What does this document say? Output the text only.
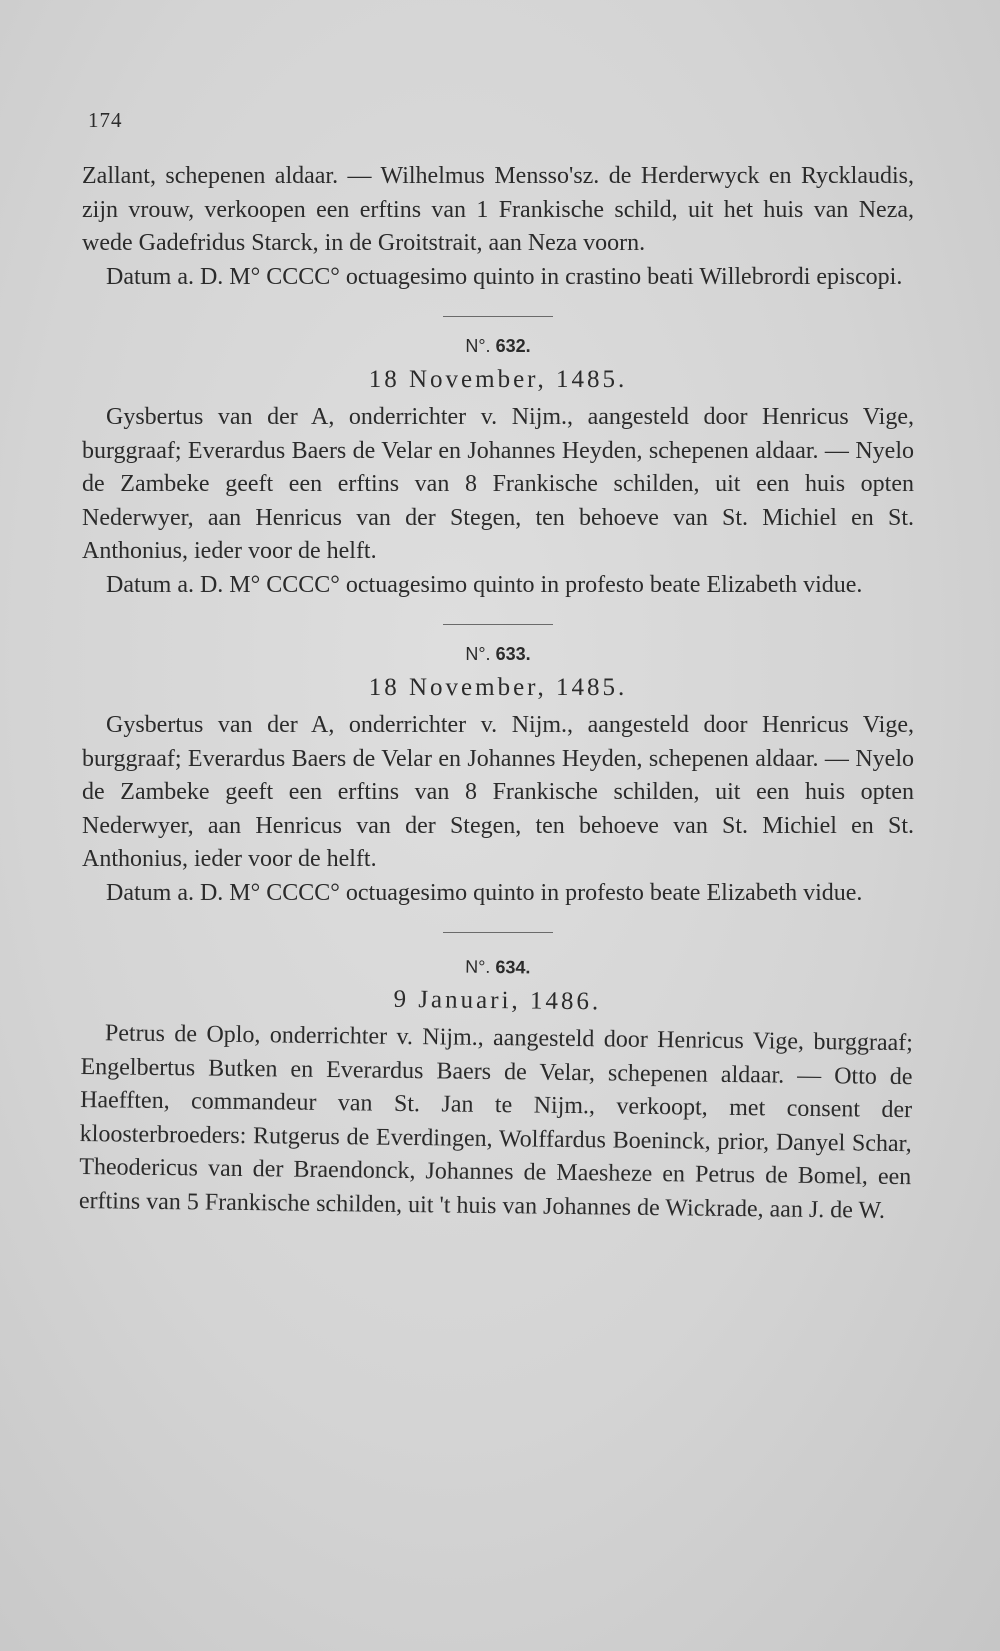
174

Zallant, schepenen aldaar. — Wilhelmus Mensso'sz. de Herderwyck en Rycklaudis, zijn vrouw, verkoopen een erftins van 1 Frankische schild, uit het huis van Neza, wede Gadefridus Starck, in de Groitstrait, aan Neza voorn.

Datum a. D. M° CCCC° octuagesimo quinto in crastino beati Willebrordi episcopi.

N°. 632.

18 November, 1485.

Gysbertus van der A, onderrichter v. Nijm., aangesteld door Henricus Vige, burggraaf; Everardus Baers de Velar en Johannes Heyden, schepenen aldaar. — Nyelo de Zambeke geeft een erftins van 8 Frankische schilden, uit een huis opten Nederwyer, aan Henricus van der Stegen, ten behoeve van St. Michiel en St. Anthonius, ieder voor de helft.

Datum a. D. M° CCCC° octuagesimo quinto in profesto beate Elizabeth vidue.

N°. 633.

18 November, 1485.

Gysbertus van der A, onderrichter v. Nijm., aangesteld door Henricus Vige, burggraaf; Everardus Baers de Velar en Johannes Heyden, schepenen aldaar. — Nyelo de Zambeke geeft een erftins van 8 Frankische schilden, uit een huis opten Nederwyer, aan Henricus van der Stegen, ten behoeve van St. Michiel en St. Anthonius, ieder voor de helft.

Datum a. D. M° CCCC° octuagesimo quinto in profesto beate Elizabeth vidue.

N°. 634.

9 Januari, 1486.

Petrus de Oplo, onderrichter v. Nijm., aangesteld door Henricus Vige, burggraaf; Engelbertus Butken en Everardus Baers de Velar, schepenen aldaar. — Otto de Haefften, commandeur van St. Jan te Nijm., verkoopt, met consent der kloosterbroeders: Rutgerus de Everdingen, Wolffardus Boeninck, prior, Danyel Schar, Theodericus van der Braendonck, Johannes de Maesheze en Petrus de Bomel, een erftins van 5 Frankische schilden, uit 't huis van Johannes de Wickrade, aan J. de W.
